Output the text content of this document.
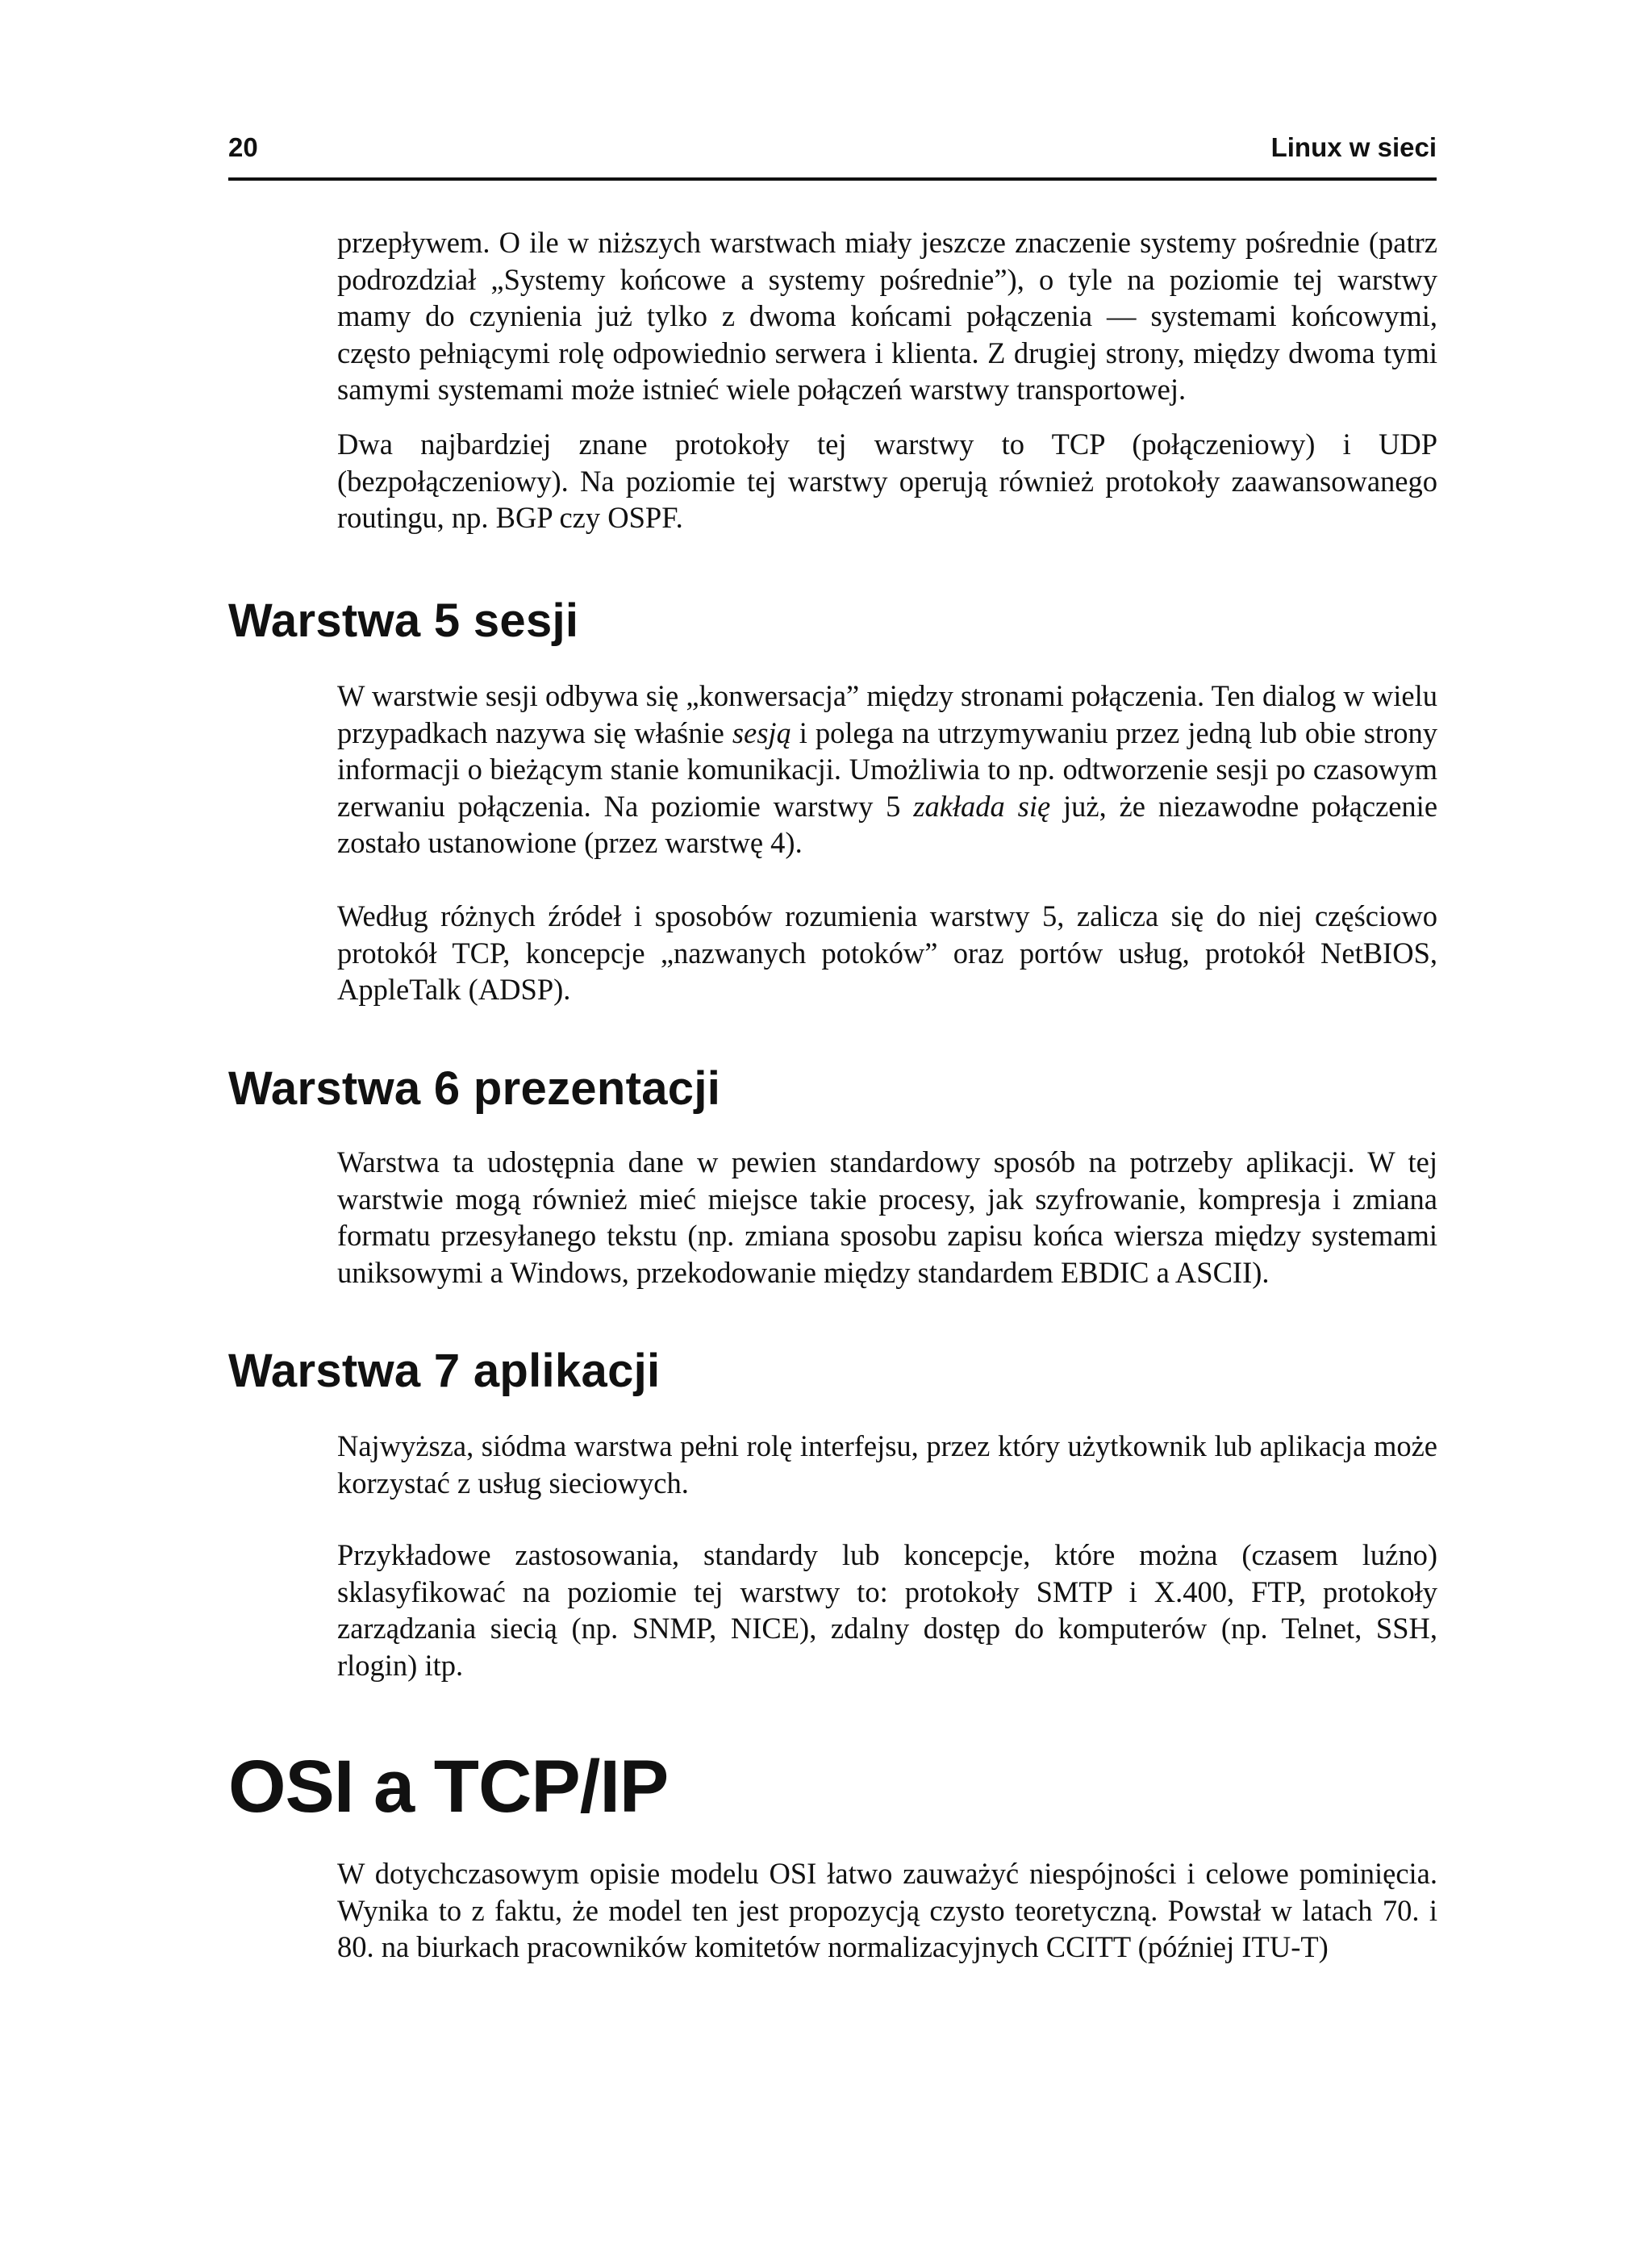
20	Linux w sieci

przepływem. O ile w niższych warstwach miały jeszcze znaczenie systemy pośrednie (patrz podrozdział „Systemy końcowe a systemy pośrednie”), o tyle na poziomie tej warstwy mamy do czynienia już tylko z dwoma końcami połączenia — systemami końcowymi, często pełniącymi rolę odpowiednio serwera i klienta. Z drugiej strony, między dwoma tymi samymi systemami może istnieć wiele połączeń warstwy transportowej.

Dwa najbardziej znane protokoły tej warstwy to TCP (połączeniowy) i UDP (bezpołączeniowy). Na poziomie tej warstwy operują również protokoły zaawansowanego routingu, np. BGP czy OSPF.

Warstwa 5 sesji

W warstwie sesji odbywa się „konwersacja” między stronami połączenia. Ten dialog w wielu przypadkach nazywa się właśnie sesją i polega na utrzymywaniu przez jedną lub obie strony informacji o bieżącym stanie komunikacji. Umożliwia to np. odtworzenie sesji po czasowym zerwaniu połączenia. Na poziomie warstwy 5 zakłada się już, że niezawodne połączenie zostało ustanowione (przez warstwę 4).

Według różnych źródeł i sposobów rozumienia warstwy 5, zalicza się do niej częściowo protokół TCP, koncepcje „nazwanych potoków” oraz portów usług, protokół NetBIOS, AppleTalk (ADSP).

Warstwa 6 prezentacji

Warstwa ta udostępnia dane w pewien standardowy sposób na potrzeby aplikacji. W tej warstwie mogą również mieć miejsce takie procesy, jak szyfrowanie, kompresja i zmiana formatu przesyłanego tekstu (np. zmiana sposobu zapisu końca wiersza między systemami uniksowymi a Windows, przekodowanie między standardem EBDIC a ASCII).

Warstwa 7 aplikacji

Najwyższa, siódma warstwa pełni rolę interfejsu, przez który użytkownik lub aplikacja może korzystać z usług sieciowych.

Przykładowe zastosowania, standardy lub koncepcje, które można (czasem luźno) sklasyfikować na poziomie tej warstwy to: protokoły SMTP i X.400, FTP, protokoły zarządzania siecią (np. SNMP, NICE), zdalny dostęp do komputerów (np. Telnet, SSH, rlogin) itp.

OSI a TCP/IP

W dotychczasowym opisie modelu OSI łatwo zauważyć niespójności i celowe pominięcia. Wynika to z faktu, że model ten jest propozycją czysto teoretyczną. Powstał w latach 70. i 80. na biurkach pracowników komitetów normalizacyjnych CCITT (później ITU-T)
